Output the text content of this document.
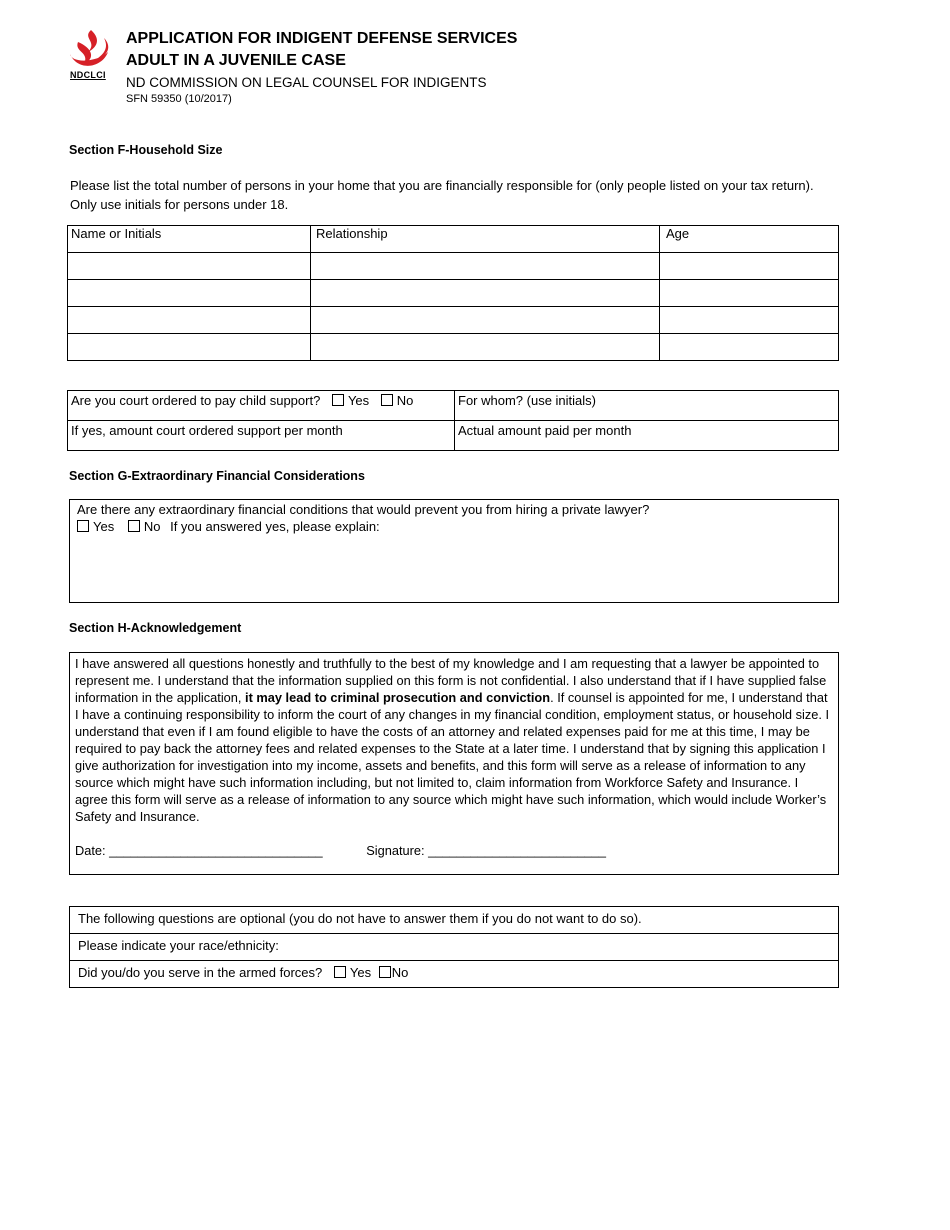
NDCLCI
APPLICATION FOR INDIGENT DEFENSE SERVICES
ADULT IN A JUVENILE CASE
ND COMMISSION ON LEGAL COUNSEL FOR INDIGENTS
SFN 59350 (10/2017)
Section F-Household Size
Please list the total number of persons in your home that you are financially responsible for (only people listed on your tax return).
Only use initials for persons under 18.
Name or Initials	Relationship	Age

Are you court ordered to pay child support? Yes No	For whom? (use initials)
If yes, amount court ordered support per month	Actual amount paid per month
Section G-Extraordinary Financial Considerations
Are there any extraordinary financial conditions that would prevent you from hiring a private lawyer?
Yes No If you answered yes, please explain:
Section H-Acknowledgement
I have answered all questions honestly and truthfully to the best of my knowledge and I am requesting that a lawyer be appointed to represent me. I understand that the information supplied on this form is not confidential. I also understand that if I have supplied false information in the application, it may lead to criminal prosecution and conviction. If counsel is appointed for me, I understand that I have a continuing responsibility to inform the court of any changes in my financial condition, employment status, or household size. I understand that even if I am found eligible to have the costs of an attorney and related expenses paid for me at this time, I may be required to pay back the attorney fees and related expenses to the State at a later time. I understand that by signing this application I give authorization for investigation into my income, assets and benefits, and this form will serve as a release of information to any source which might have such information including, but not limited to, claim information from Workforce Safety and Insurance. I agree this form will serve as a release of information to any source which might have such information, which would include Worker’s Safety and Insurance.
Date: ______________________________	Signature: _________________________
The following questions are optional (you do not have to answer them if you do not want to do so).
Please indicate your race/ethnicity:
Did you/do you serve in the armed forces? Yes No
